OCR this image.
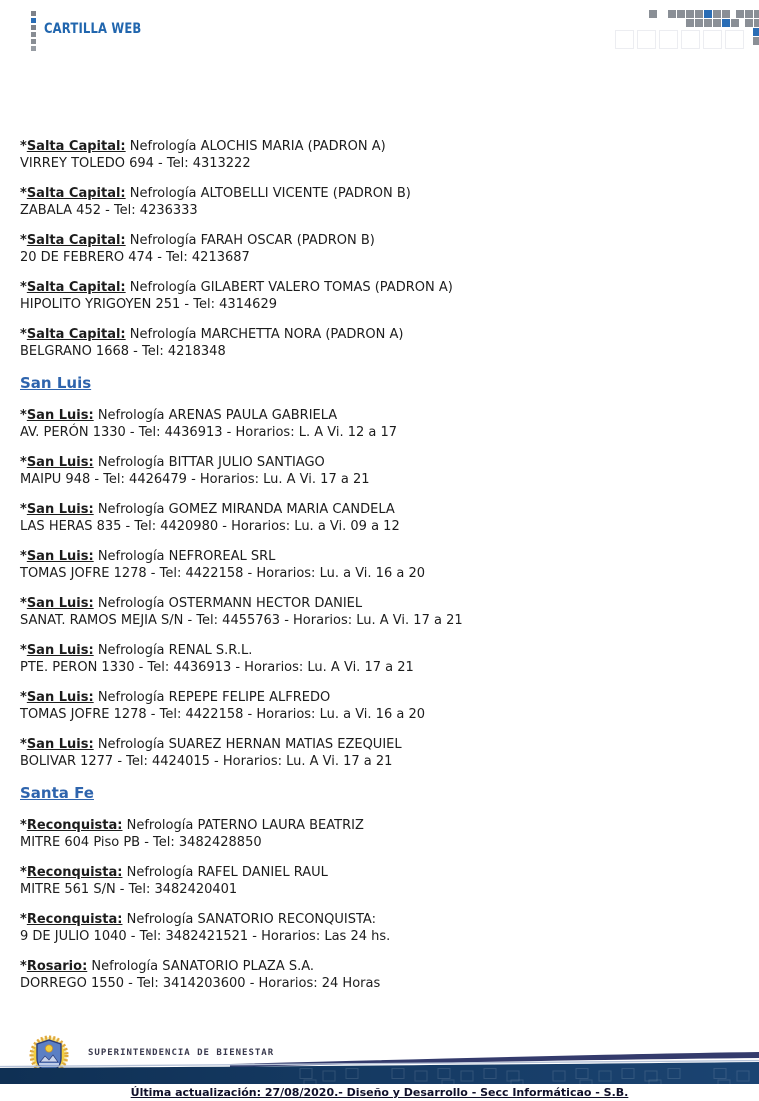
CARTILLA WEB

*Salta Capital: Nefrología ALOCHIS MARIA (PADRON A)
VIRREY TOLEDO 694 - Tel: 4313222

*Salta Capital: Nefrología ALTOBELLI VICENTE (PADRON B)
ZABALA 452 - Tel: 4236333

*Salta Capital: Nefrología FARAH OSCAR (PADRON B)
20 DE FEBRERO 474 - Tel: 4213687

*Salta Capital: Nefrología GILABERT VALERO TOMAS (PADRON A)
HIPOLITO YRIGOYEN 251 - Tel: 4314629

*Salta Capital: Nefrología MARCHETTA NORA (PADRON A)
BELGRANO 1668 - Tel: 4218348

San Luis

*San Luis: Nefrología ARENAS PAULA GABRIELA
AV. PERÓN 1330 - Tel: 4436913 - Horarios: L. A Vi. 12 a 17

*San Luis: Nefrología BITTAR JULIO SANTIAGO
MAIPU 948 - Tel: 4426479 - Horarios: Lu. A Vi. 17 a 21

*San Luis: Nefrología GOMEZ MIRANDA MARIA CANDELA
LAS HERAS 835 - Tel: 4420980 - Horarios: Lu. a Vi. 09 a 12

*San Luis: Nefrología NEFROREAL SRL
TOMAS JOFRE 1278 - Tel: 4422158 - Horarios: Lu. a Vi. 16 a 20

*San Luis: Nefrología OSTERMANN HECTOR DANIEL
SANAT. RAMOS MEJIA S/N - Tel: 4455763 - Horarios: Lu. A Vi. 17 a 21

*San Luis: Nefrología RENAL S.R.L.
PTE. PERON 1330 - Tel: 4436913 - Horarios: Lu. A Vi. 17 a 21

*San Luis: Nefrología REPEPE FELIPE ALFREDO
TOMAS JOFRE 1278 - Tel: 4422158 - Horarios: Lu. a Vi. 16 a 20

*San Luis: Nefrología SUAREZ HERNAN MATIAS EZEQUIEL
BOLIVAR 1277 - Tel: 4424015 - Horarios: Lu. A Vi. 17 a 21

Santa Fe

*Reconquista: Nefrología PATERNO LAURA BEATRIZ
MITRE 604 Piso PB - Tel: 3482428850

*Reconquista: Nefrología RAFEL DANIEL RAUL
MITRE 561 S/N - Tel: 3482420401

*Reconquista: Nefrología SANATORIO RECONQUISTA:
9 DE JULIO 1040 - Tel: 3482421521 - Horarios: Las 24 hs.

*Rosario: Nefrología SANATORIO PLAZA S.A.
DORREGO 1550 - Tel: 3414203600 - Horarios: 24 Horas

SUPERINTENDENCIA DE BIENESTAR
Última actualización: 27/08/2020.- Diseño y Desarrollo - Secc Informáticao - S.B.
